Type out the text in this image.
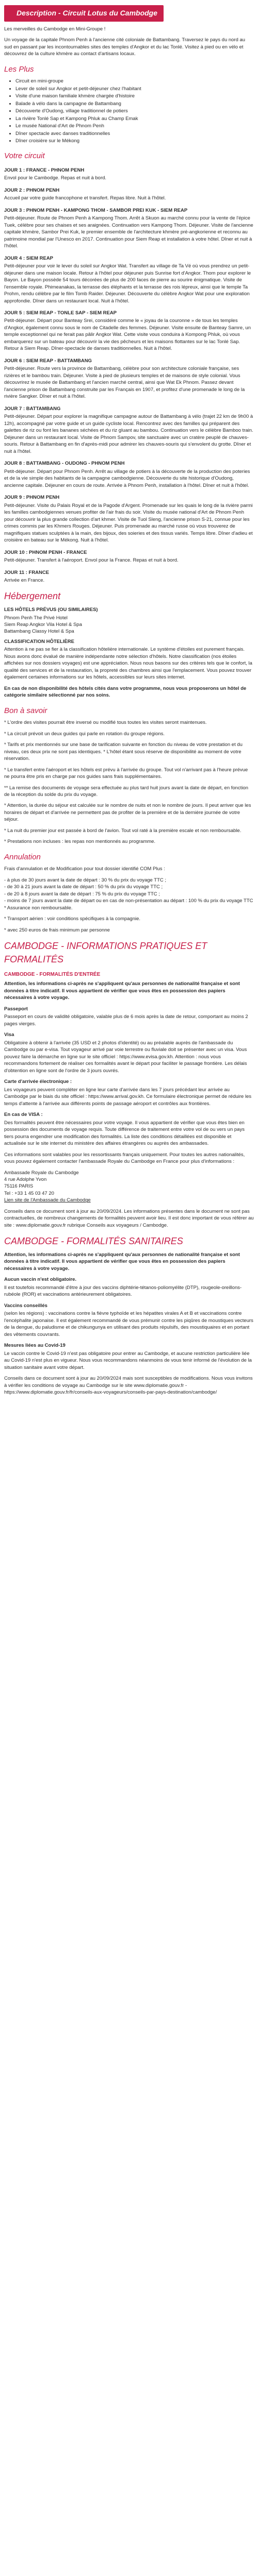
Description - Circuit Lotus du Cambodge

Les merveilles du Cambodge en Mini-Groupe !

Un voyage de la capitale Phnom Penh à l'ancienne cité coloniale de Battambang. Traversez le pays du nord au sud en passant par les incontournables sites des temples d'Angkor et du lac Tonlé. Visitez à pied ou en vélo et découvrez de la culture khmère au contact d'artisans locaux.

Les Plus
• Circuit en mini-groupe
• Lever de soleil sur Angkor et petit-déjeuner chez l'habitant
• Visite d'une maison familiale khmère chargée d'histoire
• Balade à vélo dans la campagne de Battambang
• Découverte d'Oudong, village traditionnel de potiers
• La rivière Tonlé Sap et Kampong Phluk au Champ Emak
• Le musée National d'Art de Phnom Penh
• Dîner spectacle avec danses traditionnelles
• Dîner croisière sur le Mékong
Votre circuit
JOUR 1 : FRANCE - PHNOM PENH

Envol pour le Cambodge. Repas et nuit à bord.

JOUR 2 : PHNOM PENH

Accueil par votre guide francophone et transfert. Repas libre. Nuit à l'hôtel.

JOUR 3 : PHNOM PENH - KAMPONG THOM - SAMBOR PREI KUK - SIEM REAP

Petit-déjeuner. Route de Phnom Penh à Kampong Thom. Arrêt à Skuon au marché connu pour la vente de l'épice Tuek, célèbre pour ses chaises et ses araignées. Continuation vers Kampong Thom. Déjeuner. Visite de l'ancienne capitale khmère, Sambor Prei Kuk, le premier ensemble de l'architecture khmère pré-angkorienne et reconnu au patrimoine mondial par l'Unesco en 2017. Continuation pour Siem Reap et installation à votre hôtel. Dîner et nuit à l'hôtel.

JOUR 4 : SIEM REAP

Petit-déjeuner pour voir le lever du soleil sur Angkor Wat. Transfert au village de Ta Vé où vous prendrez un petit-déjeuner dans une maison locale. Retour à l'hôtel pour déjeuner puis Sunrise fort d'Angkor. Thom pour explorer le Bayon. Le Bayon possède 54 tours décorées de plus de 200 faces de pierre au sourire énigmatique. Visite de l'ensemble royale. Phimeanakas, la terrasse des éléphants et la terrasse des rois lépreux, ainsi que le temple Ta Prohm, rendu célèbre par le film Tomb Raider. Déjeuner. Découverte du célèbre Angkor Wat pour une exploration approfondie. Dîner dans un restaurant local. Nuit à l'hôtel.

JOUR 5 : SIEM REAP - TONLE SAP - SIEM REAP

Petit-déjeuner. Départ pour Banteay Srei, considéré comme le « joyau de la couronne » de tous les temples d'Angkor, également connu sous le nom de Citadelle des femmes. Déjeuner. Visite ensuite de Banteay Samre, un temple exceptionnel qui ne ferait pas pâlir Angkor Wat. Cette visite vous conduira à Kompong Phluk, où vous embarquerez sur un bateau pour découvrir la vie des pêcheurs et les maisons flottantes sur le lac Tonlé Sap. Retour à Siem Reap. Dîner-spectacle de danses traditionnelles. Nuit à l'hôtel.

JOUR 6 : SIEM REAP - BATTAMBANG

Petit-déjeuner. Route vers la province de Battambang, célèbre pour son architecture coloniale française, ses rizières et le bambou train. Déjeuner. Visite à pied de plusieurs temples et de maisons de style colonial. Vous découvrirez le musée de Battambang et l'ancien marché central, ainsi que Wat Ek Phnom. Passez devant l'ancienne prison de Battambang construite par les Français en 1907, et profitez d'une promenade le long de la rivière Sangker. Dîner et nuit à l'hôtel.

JOUR 7 : BATTAMBANG

Petit-déjeuner. Départ pour explorer la magnifique campagne autour de Battambang à vélo (trajet 22 km de 9h00 à 12h), accompagné par votre guide et un guide cycliste local. Rencontrez avec des familles qui préparent des galettes de riz ou font les bananes séchées et du riz gluant au bambou. Continuation vers le célèbre Bamboo train. Déjeuner dans un restaurant local. Visite de Phnom Sampov, site sanctuaire avec un cratère peuplé de chauves-souris. Retour à Battambang en fin d'après-midi pour admirer les chauves-souris qui s'envolent du grotte. Dîner et nuit à l'hôtel.

JOUR 8 : BATTAMBANG - OUDONG - PHNOM PENH

Petit-déjeuner. Départ pour Phnom Penh. Arrêt au village de potiers à la découverte de la production des poteries et de la vie simple des habitants de la campagne cambodgienne. Découverte du site historique d'Oudong, ancienne capitale. Déjeuner en cours de route. Arrivée à Phnom Penh, installation à l'hôtel. Dîner et nuit à l'hôtel.

JOUR 9 : PHNOM PENH

Petit-déjeuner. Visite du Palais Royal et de la Pagode d'Argent. Promenade sur les quais le long de la rivière parmi les familles cambodgiennes venues profiter de l'air frais du soir. Visite du musée national d'Art de Phnom Penh pour découvrir la plus grande collection d'art khmer. Visite de Tuol Sleng, l'ancienne prison S-21, connue pour les crimes commis par les Khmers Rouges. Déjeuner. Puis promenade au marché russe où vous trouverez de magnifiques statues sculptées à la main, des bijoux, des soieries et des tissus variés. Temps libre. Dîner d'adieu et croisière en bateau sur le Mékong. Nuit à l'hôtel.

JOUR 10 : PHNOM PENH - FRANCE

Petit-déjeuner. Transfert à l'aéroport. Envol pour la France. Repas et nuit à bord.

JOUR 11 : FRANCE

Arrivée en France.

Hébergement
LES HÔTELS PRÉVUS (OU SIMILAIRES)
Phnom Penh The Privé Hotel
Siem Reap Angkor Vila Hotel & Spa
Battambang Classy Hotel & Spa
CLASSIFICATION HÔTELIÈRE

Attention à ne pas se fier à la classification hôtelière internationale. Le système d'étoiles est purement français. Nous avons donc évalué de manière indépendante notre sélection d'hôtels. Notre classification (nos étoiles affichées sur nos dossiers voyages) est une appréciation. Nous nous basons sur des critères tels que le confort, la qualité des services et de la restauration, la propreté des chambres ainsi que l'emplacement. Vous pouvez trouver également certaines informations sur les hôtels, accessibles sur leurs sites internet.

En cas de non disponibilité des hôtels cités dans votre programme, nous vous proposerons un hôtel de catégorie similaire sélectionné par nos soins.

Bon à savoir

* L'ordre des visites pourrait être inversé ou modifié tous toutes les visites seront maintenues.

* La circuit prévoit un deux guides qui parle en rotation du groupe régions.

* Tarifs et prix mentionnés sur une base de tarification suivante en fonction du niveau de votre prestation et du niveau, ces deux prix ne sont pas identiques. * L'hôtel étant sous réserve de disponibilité au moment de votre réservation.

* Le transfert entre l'aéroport et les hôtels est prévu à l'arrivée du groupe. Tout vol n'arrivant pas à l'heure prévue ne pourra être pris en charge par nos guides sans frais supplémentaires.

** La remise des documents de voyage sera effectuée au plus tard huit jours avant la date de départ, en fonction de la réception du solde du prix du voyage.

* Attention, la durée du séjour est calculée sur le nombre de nuits et non le nombre de jours. Il peut arriver que les horaires de départ et d'arrivée ne permettent pas de profiter de la première et de la dernière journée de votre séjour.

* La nuit du premier jour est passée à bord de l'avion. Tout vol raté à la première escale et non remboursable.

* Prestations non incluses : les repas non mentionnés au programme.

Annulation

Frais d'annulation et de Modification pour tout dossier identifié COM Plus :

- à plus de 30 jours avant la date de départ : 30 % du prix du voyage TTC ;
- de 30 à 21 jours avant la date de départ : 50 % du prix du voyage TTC ;
- de 20 à 8 jours avant la date de départ : 75 % du prix du voyage TTC ;
- moins de 7 jours avant la date de départ ou en cas de non-présentation au départ : 100 % du prix du voyage TTC

* Assurance non remboursable.

* Transport aérien : voir conditions spécifiques à la compagnie.

* avec 250 euros de frais minimum par personne

CAMBODGE - INFORMATIONS PRATIQUES ET FORMALITÉS
CAMBODGE - FORMALITÉS D'ENTRÉE

Attention, les informations ci-après ne s'appliquent qu'aux personnes de nationalité française et sont données à titre indicatif. Il vous appartient de vérifier que vous êtes en possession des papiers nécessaires à votre voyage.

Passeport

Passeport en cours de validité obligatoire, valable plus de 6 mois après la date de retour, comportant au moins 2 pages vierges.

Visa

Obligatoire à obtenir à l'arrivée (35 USD et 2 photos d'identité) ou au préalable auprès de l'ambassade du Cambodge ou par e-visa. Tout voyageur arrivé par voie terrestre ou fluviale doit se présenter avec un visa. Vous pouvez faire la démarche en ligne sur le site officiel : https://www.evisa.gov.kh. Attention : nous vous recommandons fortement de réaliser ces formalités avant le départ pour faciliter le passage frontière. Les délais d'obtention en ligne sont de l'ordre de 3 jours ouvrés.

Carte d'arrivée électronique :

Les voyageurs peuvent compléter en ligne leur carte d'arrivée dans les 7 jours précédant leur arrivée au Cambodge par le biais du site officiel : https://www.arrival.gov.kh. Ce formulaire électronique permet de réduire les temps d'attente à l'arrivée aux différents points de passage aéroport et contrôles aux frontières.

En cas de VISA :

Des formalités peuvent être nécessaires pour votre voyage. Il vous appartient de vérifier que vous êtes bien en possession des documents de voyage requis. Toute différence de traitement entre votre vol de ou vers un pays tiers pourra engendrer une modification des formalités. La liste des conditions détaillées est disponible et actualisée sur le site internet du ministère des affaires étrangères ou auprès des ambassades.

Ces informations sont valables pour les ressortissants français uniquement. Pour toutes les autres nationalités, vous pouvez également contacter l'ambassade Royale du Cambodge en France pour plus d'informations :

Ambassade Royale du Cambodge
4 rue Adolphe Yvon
75116 PARIS
Tel : +33 1 45 03 47 20
Lien site de l'Ambassade du Cambodge

Conseils dans ce document sont à jour au 20/09/2024. Les informations présentes dans le document ne sont pas contractuelles, de nombreux changements de formalités peuvent avoir lieu. Il est donc important de vous référer au site : www.diplomatie.gouv.fr rubrique Conseils aux voyageurs / Cambodge.

CAMBODGE - FORMALITÉS SANITAIRES

Attention, les informations ci-après ne s'appliquent qu'aux personnes de nationalité française et sont données à titre indicatif. Il vous appartient de vérifier que vous êtes en possession des papiers nécessaires à votre voyage.

Aucun vaccin n'est obligatoire.

Il est toutefois recommandé d'être à jour des vaccins diphtérie-tétanos-poliomyélite (DTP), rougeole-oreillons-rubéole (ROR) et vaccinations antérieurement obligatoires.

Vaccins conseillés

(selon les régions) : vaccinations contre la fièvre typhoïde et les hépatites virales A et B et vaccinations contre l'encéphalite japonaise. Il est également recommandé de vous prémunir contre les piqûres de moustiques vecteurs de la dengue, du paludisme et de chikungunya en utilisant des produits répulsifs, des moustiquaires et en portant des vêtements couvrants.

Mesures liées au Covid-19

Le vaccin contre le Covid-19 n'est pas obligatoire pour entrer au Cambodge, et aucune restriction particulière liée au Covid-19 n'est plus en vigueur. Nous vous recommandons néanmoins de vous tenir informé de l'évolution de la situation sanitaire avant votre départ.

Conseils dans ce document sont à jour au 20/09/2024 mais sont susceptibles de modifications. Nous vous invitons à vérifier les conditions de voyage au Cambodge sur le site www.diplomatie.gouv.fr - https://www.diplomatie.gouv.fr/fr/conseils-aux-voyageurs/conseils-par-pays-destination/cambodge/
